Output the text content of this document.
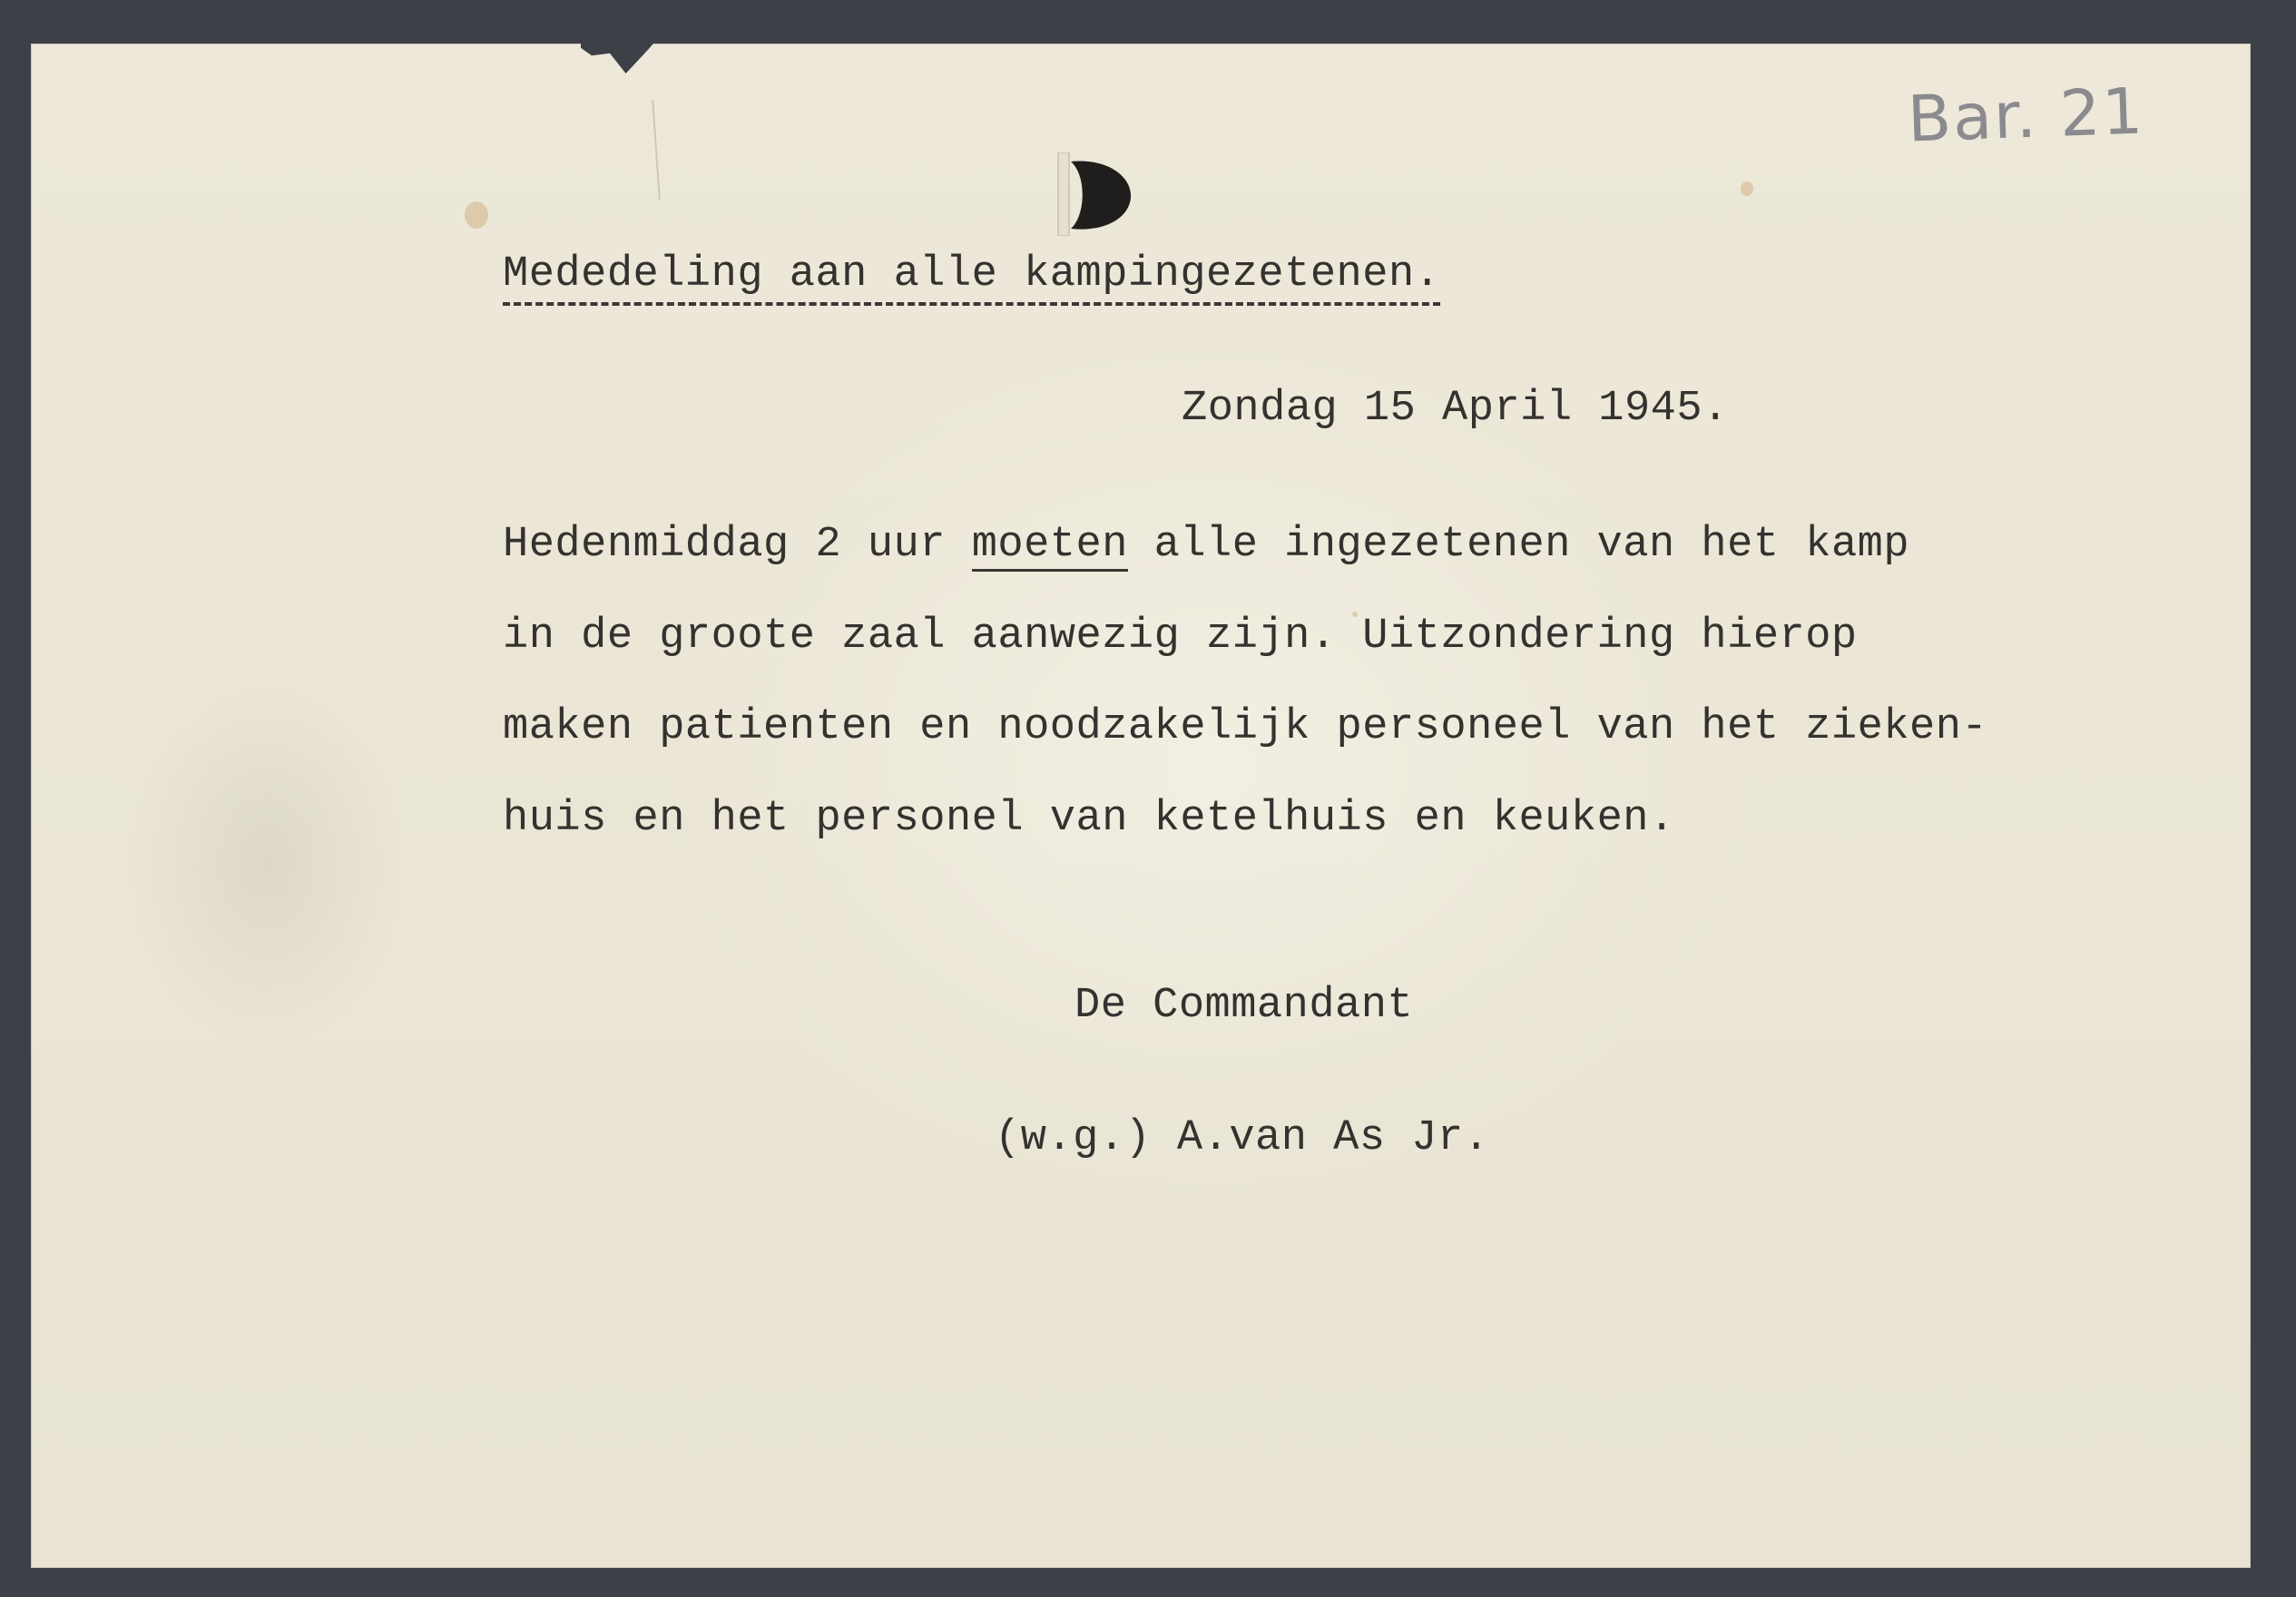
Bar. 21
Mededeling aan alle kampingezetenen.
Zondag 15 April 1945.
Hedenmiddag 2 uur moeten alle ingezetenen van het kamp
in de groote zaal aanwezig zijn. Uitzondering hierop
maken patienten en noodzakelijk personeel van het zieken-
huis en het personel van ketelhuis en keuken.
De Commandant
(w.g.) A.van As Jr.
